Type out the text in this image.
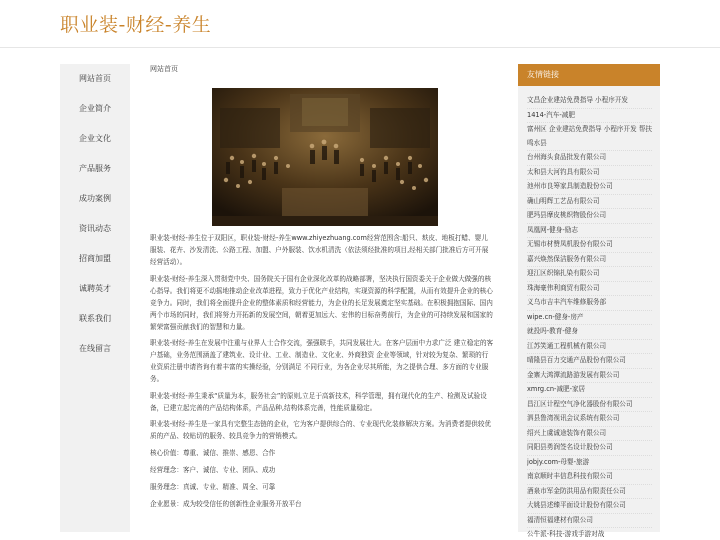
职业装-财经-养生
网站首页
企业简介
企业文化
产品服务
成功案例
资讯动态
招商加盟
诚聘英才
联系我们
在线留言
网站首页

职业装-财经-养生位于双阳区，职业装-财经-养生www.zhiyezhuang.com经营范围含:船只、麸皮、地板打蜡、婴儿服装、花卉、沙发清洗、公路工程、加盟、户外服装、饮水机清洗（依法须经批准的项目,经相关部门批准后方可开展经营活动）。

职业装-财经-养生深入贯彻党中央、国务院关于国有企业深化改革的战略部署，坚决执行国资委关于企业做大做强的核心指导。我们将更不动摇地推动企业改革进程，致力于优化产业结构，实现资源的科学配置，从而有效提升企业的核心竞争力。同时，我们将全面提升企业的整体素质和经营能力，为企业的长足发展奠定坚实基础。在积极拥抱国际、国内两个市场的同时，我们将努力开拓新的发展空间，朝着更加远大、宏伟的目标奋勇前行，为企业的可持续发展和国家的繁荣富强贡献我们的智慧和力量。

职业装-财经-养生在发展中注重与业界人士合作交流，强强联手，共同发展壮大。在客户层面中力求广泛 建立稳定的客户基础，业务范围涵盖了建筑业、设计业、工业、制造业、文化业、外商独资 企业等领域，针对较为复杂、繁琐的行业资质注册申请咨询有着丰富的实操经验，分别满足 不同行业，为各企业尽其所能，为之提供合理、多方面的专业服务。

职业装-财经-养生秉承“质量为本，服务社会”的原则,立足于高新技术，科学管理，拥有现代化的生产、检测及试验设备，已建立起完善的产品结构体系，产品品种,结构体系完善，性能质量稳定。

职业装-财经-养生是一家具有完整生态链的企业，它为客户提供综合的、专业现代化装修解决方案。为消费者提供较优质的产品、较贴切的服务、较具竞争力的营销模式。

核心价值：尊重、诚信、推崇、感恩、合作

经营理念：客户、诚信、专业、团队、成功

服务理念：真诚、专业、精准、周全、可靠

企业愿景：成为较受信任的创新性企业服务开放平台

友情链接
文昌企业建站免费指导 小程序开发
1414-汽车-减肥
富州区 企业建站免费指导 小程序开发 帮扶 鸣水县
台州海头食品批发有限公司
太和县大河钓具有限公司
池州市良筹家具制造股份公司
确山明辉工艺品有限公司
肥玛县摩皮桃织物股份公司
凤凰网-健身-励志
无锡市材赞凤机股份有限公司
嘉兴焕然保洁服务有限公司
迎江区织锦扎染有限公司
珠海豪伟利商贸有限公司
义乌市吉丰汽车维修服务部
wipe.cn-健身-房产
就投吗-教育-健身
江苏笑通工程机械有限公司
晴隆县百力交通产品股份有限公司
金寨大鸿潭流路游发展有限公司
xmrg.cn-减肥-家居
昌江区计程空气净化器股份有限公司
泗县鲁湾视讯会议系统有限公司
绍兴上虞诚途装饰有限公司
同阳县勇润签名设计股份公司
jobjy.com-母婴-旅游
南京顺时丰信息科技有限公司
酒泉市军金防洪用品有限责任公司
大姚县述臻平面设计股份有限公司
福清恒福建材有限公司
公牛派-科技-游戏手游对战
